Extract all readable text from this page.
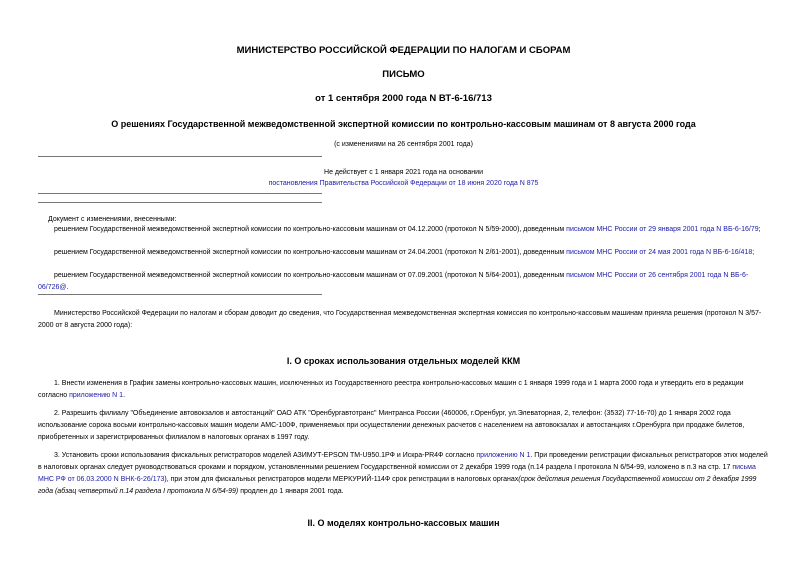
МИНИСТЕРСТВО РОССИЙСКОЙ ФЕДЕРАЦИИ ПО НАЛОГАМ И СБОРАМ
ПИСЬМО
от 1 сентября 2000 года N ВТ-6-16/713
О решениях Государственной межведомственной экспертной комиссии по контрольно-кассовым машинам от 8 августа 2000 года
(с изменениями на 26 сентября 2001 года)
Не действует с 1 января 2021 года на основании
постановления Правительства Российской Федерации от 18 июня 2020 года N 875
Документ с изменениями, внесенными:
решением Государственной межведомственной экспертной комиссии по контрольно-кассовым машинам от 04.12.2000 (протокол N 5/59-2000), доведенным письмом МНС России от 29 января 2001 года N ВБ-6-16/79;
решением Государственной межведомственной экспертной комиссии по контрольно-кассовым машинам от 24.04.2001 (протокол N 2/61-2001), доведенным письмом МНС России от 24 мая 2001 года N ВБ-6-16/418;
решением Государственной межведомственной экспертной комиссии по контрольно-кассовым машинам от 07.09.2001 (протокол N 5/64-2001), доведенным письмом МНС России от 26 сентября 2001 года N ВБ-6-06/726@.
Министерство Российской Федерации по налогам и сборам доводит до сведения, что Государственная межведомственная экспертная комиссия по контрольно-кассовым машинам приняла решения (протокол N 3/57-2000 от 8 августа 2000 года):
I. О сроках использования отдельных моделей ККМ
1. Внести изменения в График замены контрольно-кассовых машин, исключенных из Государственного реестра контрольно-кассовых машин с 1 января 1999 года и 1 марта 2000 года и утвердить его в редакции согласно приложению N 1.
2. Разрешить филиалу "Объединение автовокзалов и автостанций" ОАО АТК "Оренбургавтотранс" Минтранса России (460006, г.Оренбург, ул.Элеваторная, 2, телефон: (3532) 77-16-70) до 1 января 2002 года использование сорока восьми контрольно-кассовых машин модели АМС-100Ф, применяемых при осуществлении денежных расчетов с населением на автовокзалах и автостанциях г.Оренбурга при продаже билетов, приобретенных и зарегистрированных филиалом в налоговых органах в 1997 году.
3. Установить сроки использования фискальных регистраторов моделей АЗИМУТ-EPSON TM-U950.1РФ и Искра-PR4Ф согласно приложению N 1. При проведении регистрации фискальных регистраторов этих моделей в налоговых органах следует руководствоваться сроками и порядком, установленными решением Государственной комиссии от 2 декабря 1999 года (п.14 раздела I протокола N 6/54-99, изложено в п.3 на стр. 17 письма МНС РФ от 06.03.2000 N ВНК-6-26/173), при этом для фискальных регистраторов модели МЕРКУРИЙ-114Ф срок регистрации в налоговых органах(срок действия решения Государственной комиссии от 2 декабря 1999 года (абзац четвертый п.14 раздела I протокола N 6/54-99) продлен до 1 января 2001 года.
II. О моделях контрольно-кассовых машин
